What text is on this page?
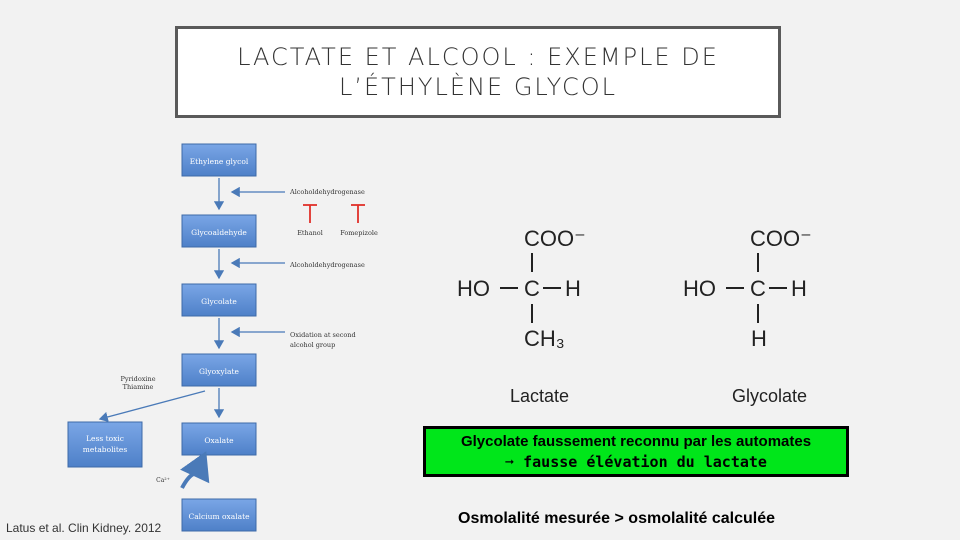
LACTATE ET ALCOOL : EXEMPLE DE
L’ÉTHYLÈNE GLYCOL
Ethylene glycol
Glycoaldehyde
Glycolate
Glyoxylate
Oxalate
Calcium oxalate
Less toxic
metabolites
Alcoholdehydrogenase
Alcoholdehydrogenase
Oxidation at second
alcohol group
Ethanol	Fomepizole
Pyridoxine
Thiamine
Ca²⁺
COO⁻
HO C H
CH₃
Lactate
COO⁻
HO C H
H
Glycolate
Glycolate faussement reconnu par les automates
➞ fausse élévation du lactate
Osmolalité mesurée > osmolalité calculée
Latus et al. Clin Kidney. 2012
